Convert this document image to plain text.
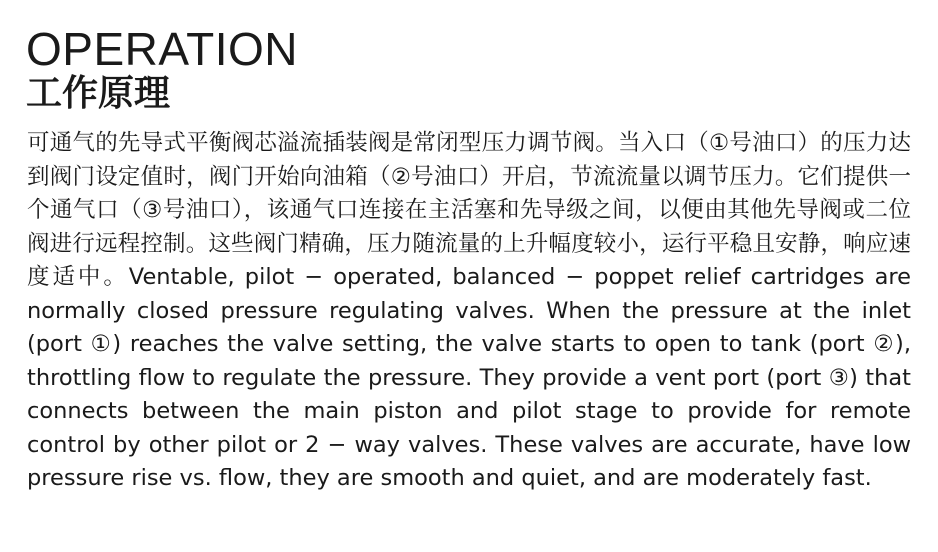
OPERATION
工作原理

可通气的先导式平衡阀芯溢流插装阀是常闭型压力调节阀。当入口（①号油口）的压力达到阀门设定值时，阀门开始向油箱（②号油口）开启，节流流量以调节压力。它们提供一个通气口（③号油口），该通气口连接在主活塞和先导级之间，以便由其他先导阀或二位阀进行远程控制。这些阀门精确，压力随流量的上升幅度较小，运行平稳且安静，响应速度适中。Ventable, pilot − operated, balanced − poppet relief cartridges are normally closed pressure regulating valves. When the pressure at the inlet (port ①) reaches the valve setting, the valve starts to open to tank (port ②), throttling flow to regulate the pressure. They provide a vent port (port ③) that connects between the main piston and pilot stage to provide for remote control by other pilot or 2 − way valves. These valves are accurate, have low pressure rise vs. flow, they are smooth and quiet, and are moderately fast.
